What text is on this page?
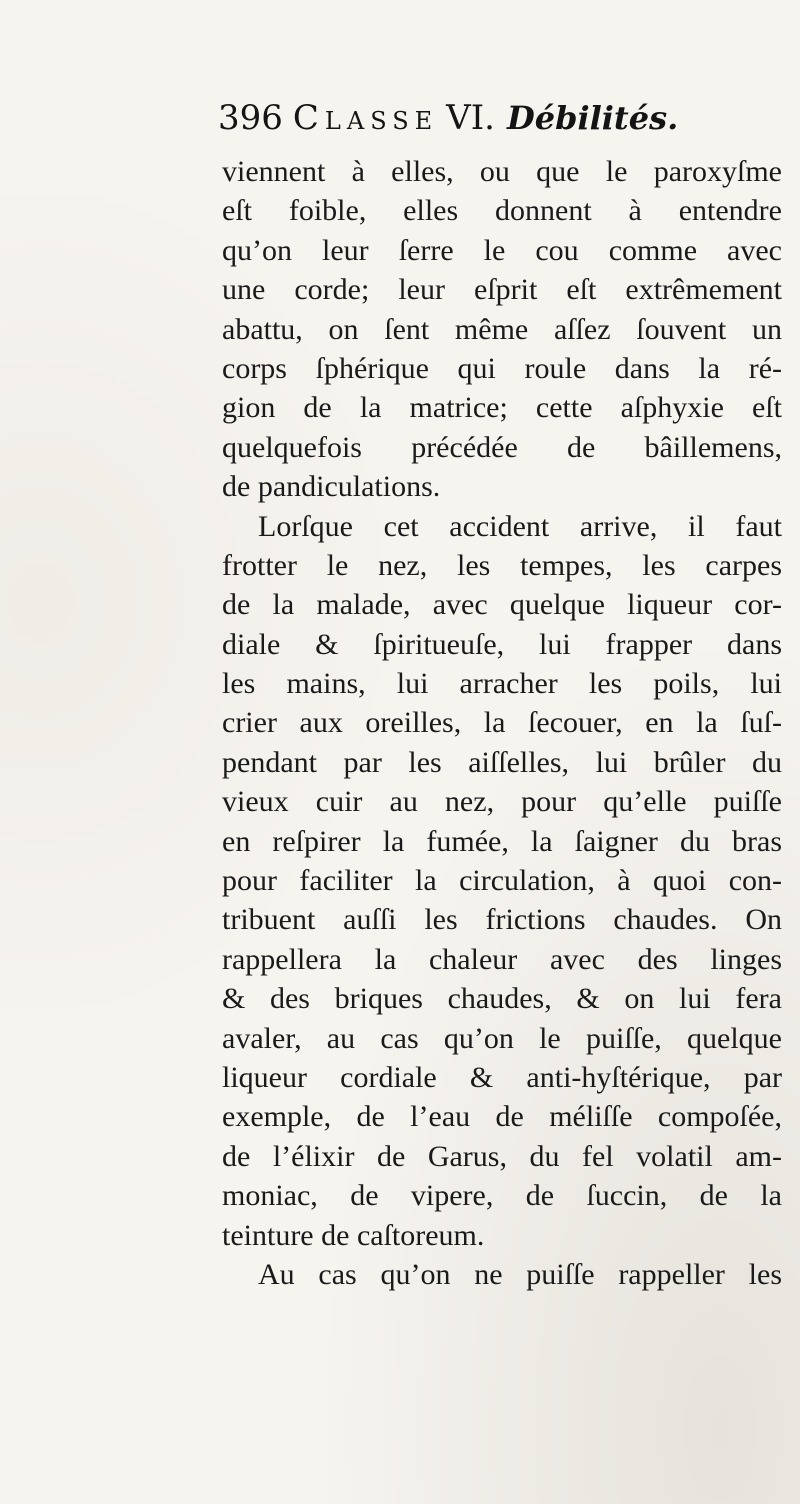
396 Classe VI. Débilités.
viennent à elles, ou que le paroxyſme
eſt foible, elles donnent à entendre
qu’on leur ſerre le cou comme avec
une corde; leur eſprit eſt extrêmement
abattu, on ſent même aſſez ſouvent un
corps ſphérique qui roule dans la ré-
gion de la matrice; cette aſphyxie eſt
quelquefois précédée de bâillemens,
de pandiculations.
Lorſque cet accident arrive, il faut
frotter le nez, les tempes, les carpes
de la malade, avec quelque liqueur cor-
diale & ſpiritueuſe, lui frapper dans
les mains, lui arracher les poils, lui
crier aux oreilles, la ſecouer, en la ſuſ-
pendant par les aiſſelles, lui brûler du
vieux cuir au nez, pour qu’elle puiſſe
en reſpirer la fumée, la ſaigner du bras
pour faciliter la circulation, à quoi con-
tribuent auſſi les frictions chaudes. On
rappellera la chaleur avec des linges
& des briques chaudes, & on lui fera
avaler, au cas qu’on le puiſſe, quelque
liqueur cordiale & anti-hyſtérique, par
exemple, de l’eau de méliſſe compoſée,
de l’élixir de Garus, du fel volatil am-
moniac, de vipere, de ſuccin, de la
teinture de caſtoreum.
Au cas qu’on ne puiſſe rappeller les
